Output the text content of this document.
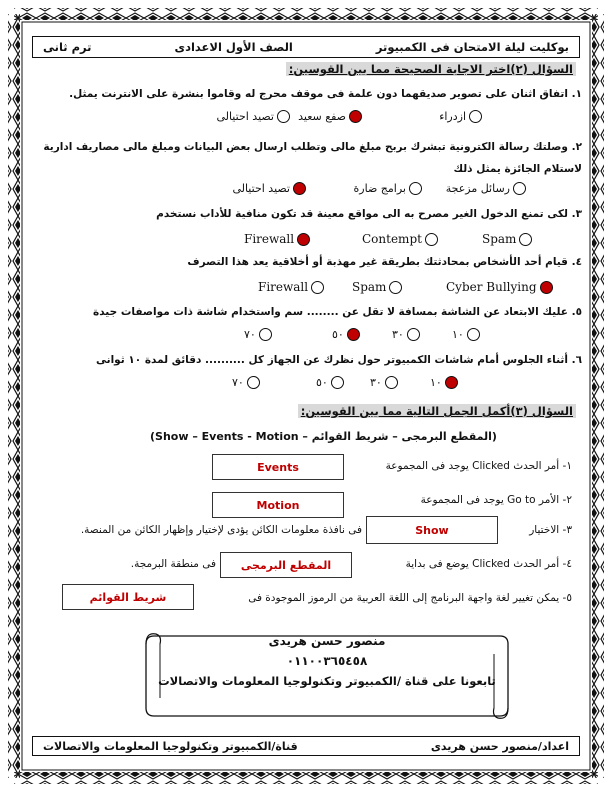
بوكليت ليلة الامتحان فى الكمبيوتر
الصف الأول الاعدادى
ترم ثانى
السؤال (٢)اختر الاجابة الصحيحة مما بين القوسين:
١. اتفاق اثنان على تصوير صديقهما دون علمة فى موقف محرج له وقاموا بنشرة على الانترنت يمثل.
ازدراء
صفع سعيد
تصيد احتيالى
٢. وصلتك رسالة الكترونية تبشرك بربح مبلغ مالى وتطلب ارسال بعض البيانات ومبلغ مالى مصاريف ادارية لاستلام الجائزة يمثل ذلك
رسائل مزعجة
برامج ضارة
تصيد احتيالى
٣. لكى تمنع الدخول الغير مصرح به الى مواقع معينة قد تكون منافية للأداب نستخدم
Firewall	Contempt	Spam
٤. قيام أحد الأشخاص بمحادثتك بطريقة غير مهذبة أو أخلاقية يعد هذا التصرف
Firewall	Spam	Cyber Bullying
٥. عليك الابتعاد عن الشاشة بمسافة لا تقل عن ........ سم واستخدام شاشة ذات مواصفات جيدة
٧٠	٥٠	٣٠	١٠
٦. أثناء الجلوس أمام شاشات الكمبيوتر حول نظرك عن الجهاز كل .......... دقائق لمدة ١٠ ثوانى
٧٠	٥٠	٣٠	١٠
السؤال (٣)أكمل الجمل التالية مما بين القوسين:
(المقطع البرمجى – شريط القوائم – Show – Events - Motion)
١- أمر الحدث Clicked يوجد فى المجموعة
Events
٢- الأمر Go to يوجد فى المجموعة
Motion
٣- الاختيار
Show
فى نافذة معلومات الكائن يؤدى لإختيار وإظهار الكائن من المنصة.
٤- أمر الحدث Clicked يوضع فى بداية
المقطع البرمجى
فى منطقة البرمجة.
٥- يمكن تغيير لغة واجهة البرنامج إلى اللغة العربية من الرموز الموجودة فى
شريط القوائم
منصور حسن هريدى
٠١١٠٠٣٦٥٤٥٨
تابعونا على قناة /الكمبيوتر وتكنولوجيا المعلومات والاتصالات
اعداد/منصور حسن هريدى
قناة/الكمبيوتر وتكنولوجيا المعلومات والاتصالات
